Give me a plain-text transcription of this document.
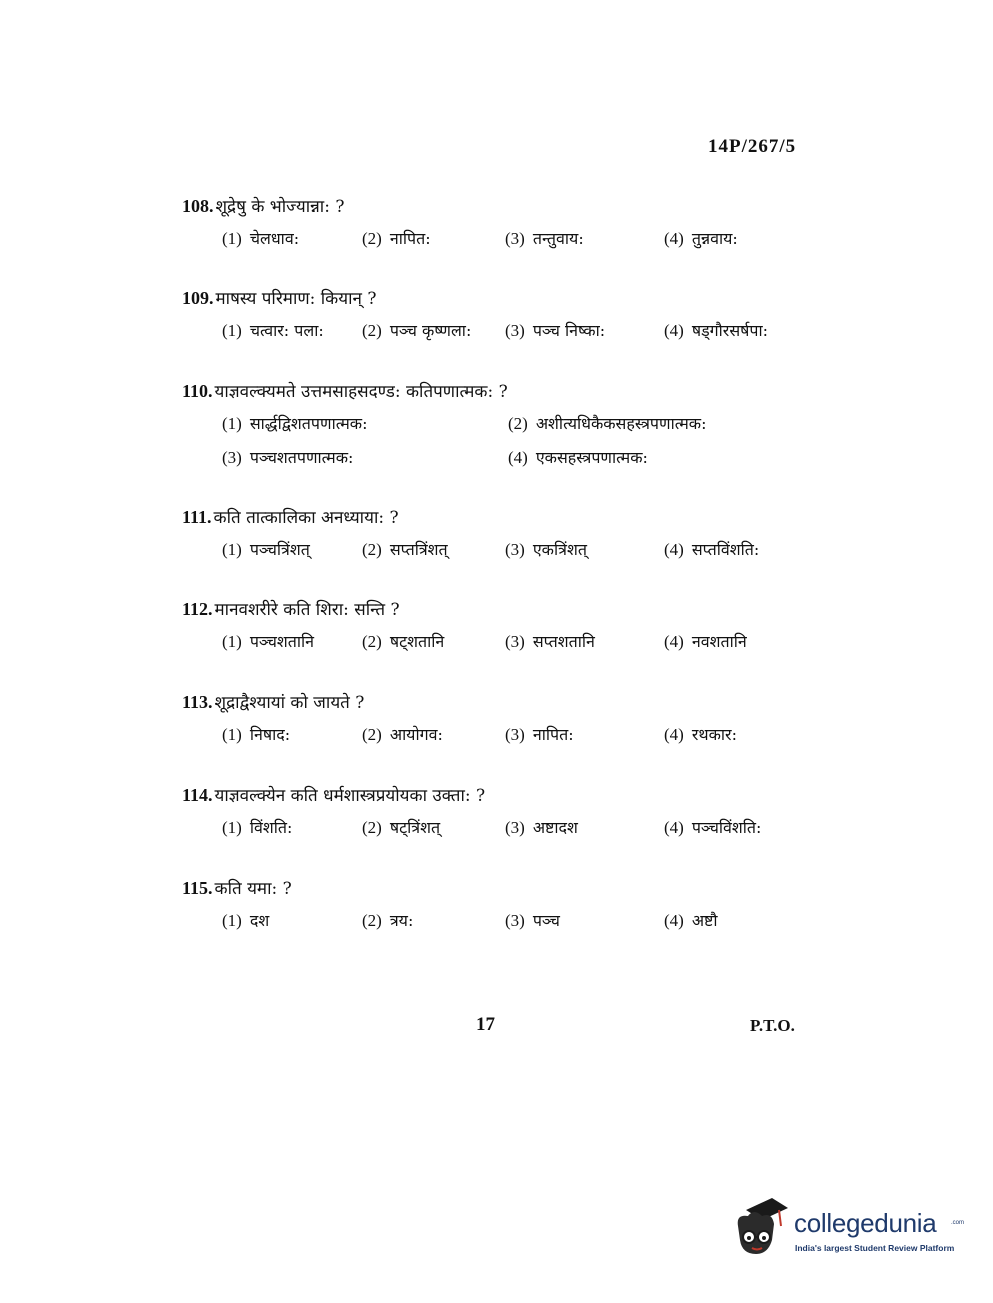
14P/267/5
108. शूद्रेषु के भोज्यान्ना: ?
(1) चेलधाव:	(2) नापित:	(3) तन्तुवाय:	(4) तुन्नवाय:
109. माषस्य परिमाण: कियान् ?
(1) चत्वार: पला: (2) पञ्च कृष्णला: (3) पञ्च निष्का:	(4) षड्गौरसर्षपा:
110. याज्ञवल्क्यमते उत्तमसाहसदण्ड: कतिपणात्मक: ?
(1) सार्द्धद्विशतपणात्मक:	(2) अशीत्यधिकैकसहस्त्रपणात्मक:
(3) पञ्चशतपणात्मक:	(4) एकसहस्त्रपणात्मक:
111. कति तात्कालिका अनध्याया: ?
(1) पञ्चत्रिंशत्	(2) सप्तत्रिंशत्	(3) एकत्रिंशत्	(4) सप्तविंशति:
112. मानवशरीरे कति शिरा: सन्ति ?
(1) पञ्चशतानि	(2) षट्शतानि	(3) सप्तशतानि	(4) नवशतानि
113. शूद्राद्वैश्यायां को जायते ?
(1) निषाद:	(2) आयोगव:	(3) नापित:	(4) रथकार:
114. याज्ञवल्क्येन कति धर्मशास्त्रप्रयोयका उक्ता: ?
(1) विंशति:	(2) षट्त्रिंशत्	(3) अष्टादश	(4) पञ्चविंशति:
115. कति यमा: ?
(1) दश	(2) त्रय:	(3) पञ्च	(4) अष्टौ
17	P.T.O.
collegedunia .com
India's largest Student Review Platform
